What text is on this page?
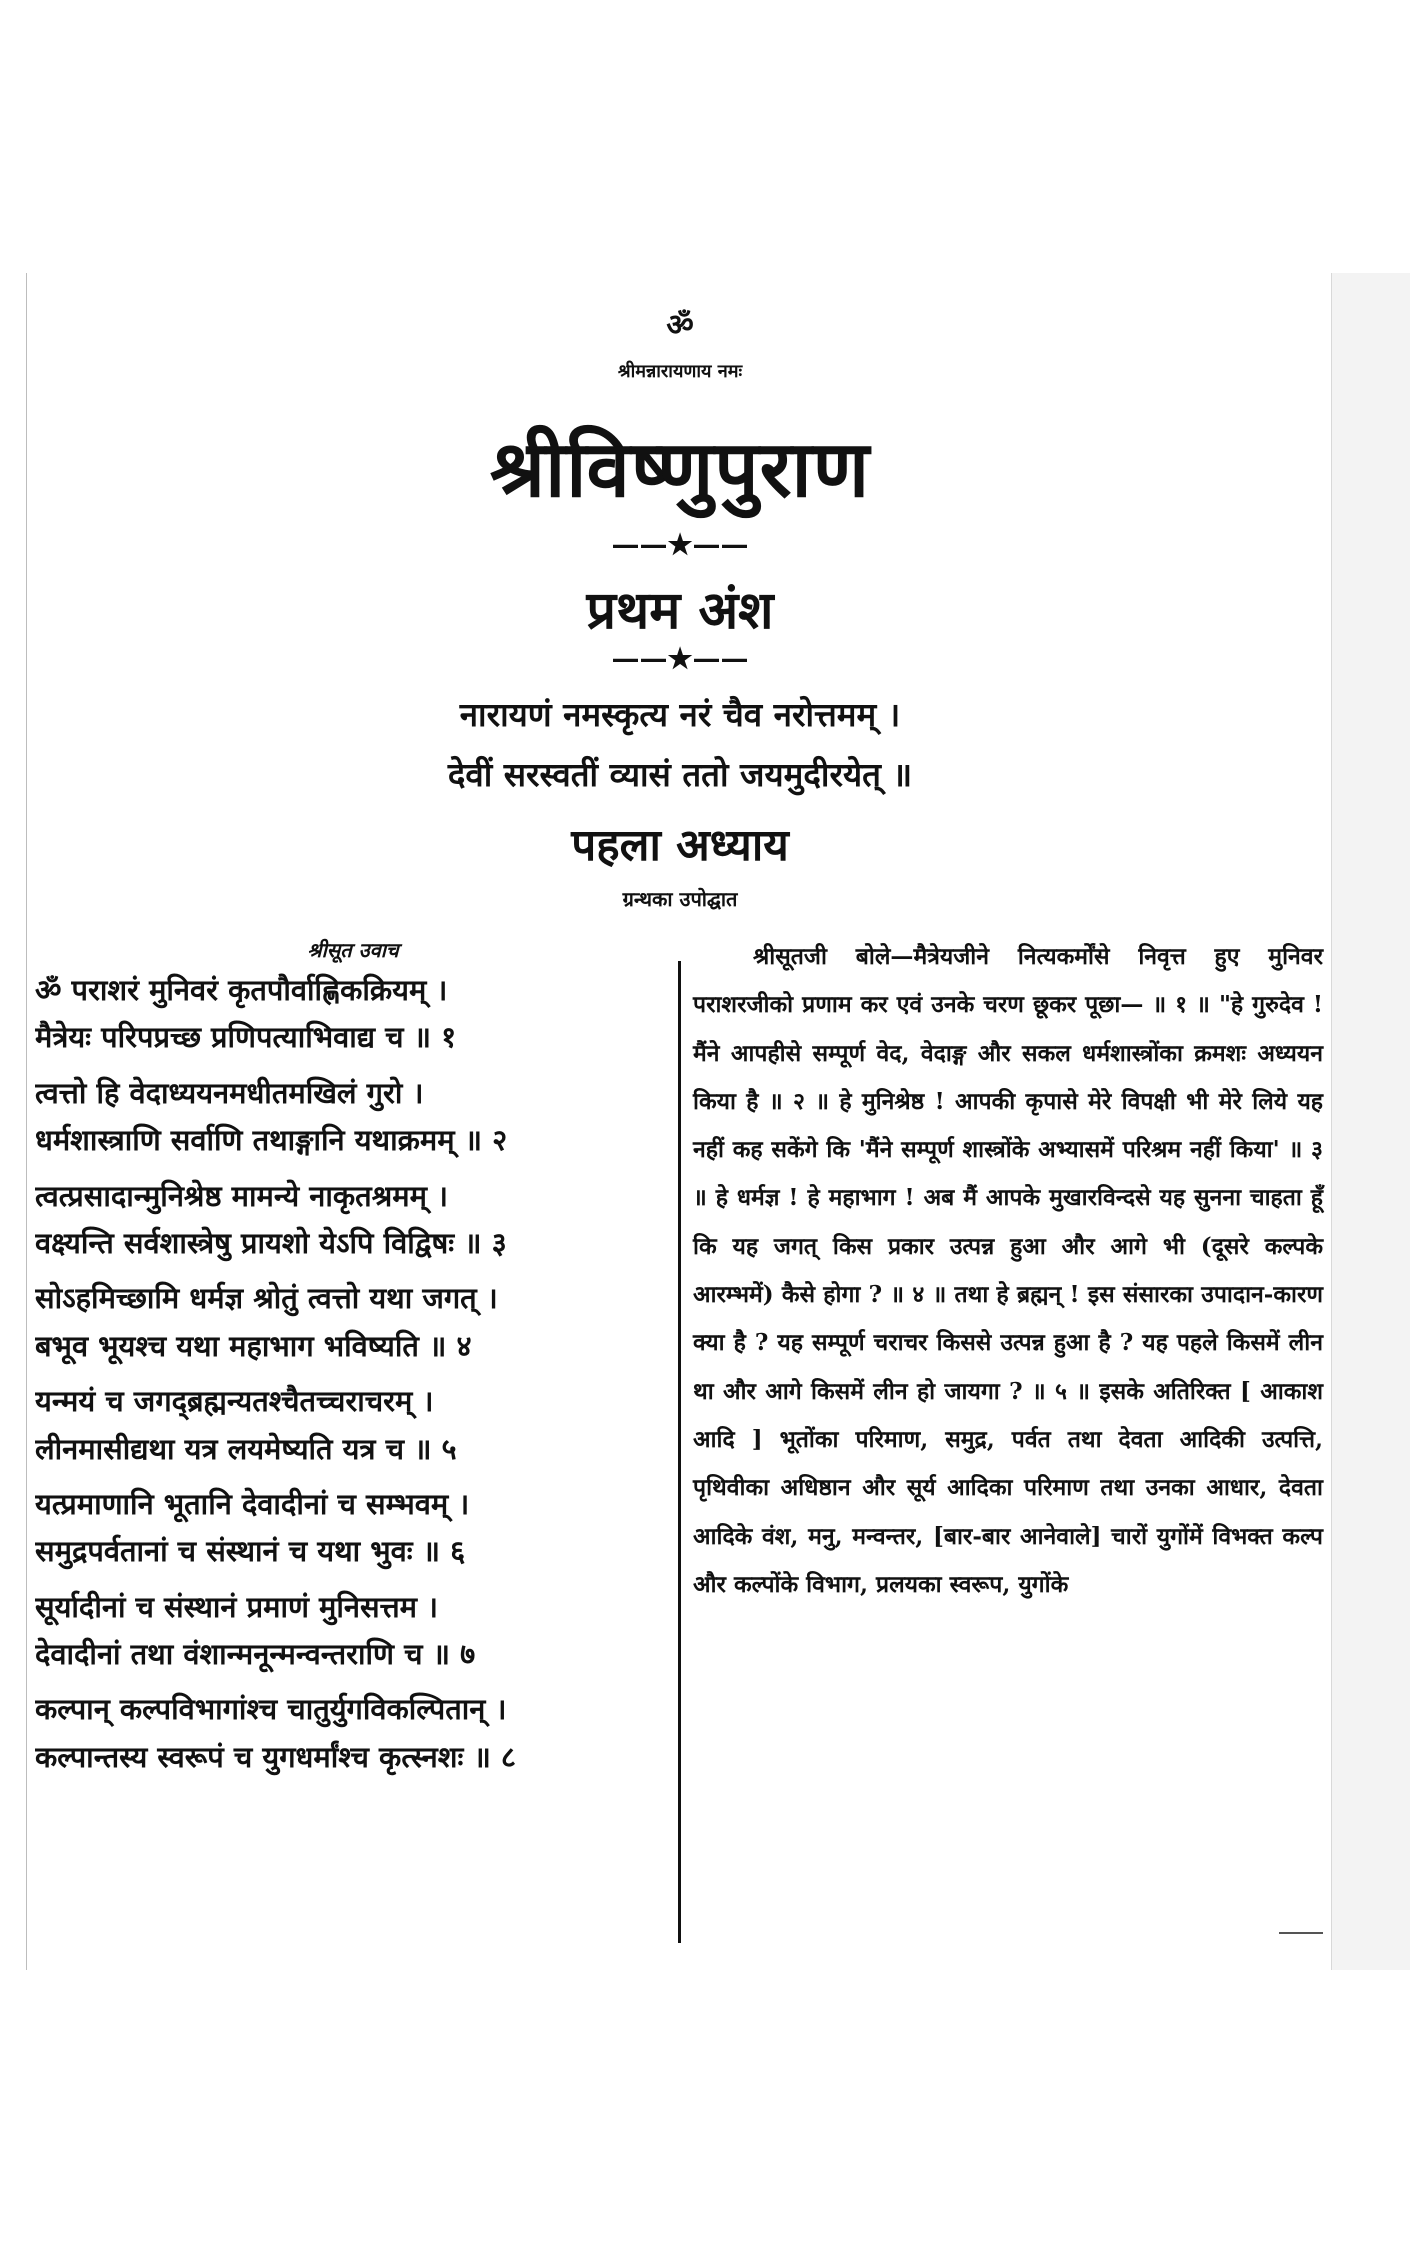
ॐ
श्रीमन्नारायणाय नमः
श्रीविष्णुपुराण
——★——
प्रथम अंश
——★——
नारायणं नमस्कृत्य नरं चैव नरोत्तमम् ।
देवीं सरस्वतीं व्यासं ततो जयमुदीरयेत् ॥
पहला अध्याय
ग्रन्थका उपोद्घात
श्रीसूत उवाच
ॐ पराशरं मुनिवरं कृतपौर्वाह्णिकक्रियम् ।
मैत्रेयः परिपप्रच्छ प्रणिपत्याभिवाद्य च ॥ १
त्वत्तो हि वेदाध्ययनमधीतमखिलं गुरो ।
धर्मशास्त्राणि सर्वाणि तथाङ्गानि यथाक्रमम् ॥ २
त्वत्प्रसादान्मुनिश्रेष्ठ मामन्ये नाकृतश्रमम् ।
वक्ष्यन्ति सर्वशास्त्रेषु प्रायशो येऽपि विद्विषः ॥ ३
सोऽहमिच्छामि धर्मज्ञ श्रोतुं त्वत्तो यथा जगत् ।
बभूव भूयश्च यथा महाभाग भविष्यति ॥ ४
यन्मयं च जगद्ब्रह्मन्यतश्चैतच्चराचरम् ।
लीनमासीद्यथा यत्र लयमेष्यति यत्र च ॥ ५
यत्प्रमाणानि भूतानि देवादीनां च सम्भवम् ।
समुद्रपर्वतानां च संस्थानं च यथा भुवः ॥ ६
सूर्यादीनां च संस्थानं प्रमाणं मुनिसत्तम ।
देवादीनां तथा वंशान्मनून्मन्वन्तराणि च ॥ ७
कल्पान् कल्पविभागांश्च चातुर्युगविकल्पितान् ।
कल्पान्तस्य स्वरूपं च युगधर्मांश्च कृत्स्नशः ॥ ८

श्रीसूतजी बोले—मैत्रेयजीने नित्यकर्मोंसे निवृत्त हुए मुनिवर पराशरजीको प्रणाम कर एवं उनके चरण छूकर पूछा— ॥ १ ॥ "हे गुरुदेव ! मैंने आपहीसे सम्पूर्ण वेद, वेदाङ्ग और सकल धर्मशास्त्रोंका क्रमशः अध्ययन किया है ॥ २ ॥ हे मुनिश्रेष्ठ ! आपकी कृपासे मेरे विपक्षी भी मेरे लिये यह नहीं कह सकेंगे कि 'मैंने सम्पूर्ण शास्त्रोंके अभ्यासमें परिश्रम नहीं किया' ॥ ३ ॥ हे धर्मज्ञ ! हे महाभाग ! अब मैं आपके मुखारविन्दसे यह सुनना चाहता हूँ कि यह जगत् किस प्रकार उत्पन्न हुआ और आगे भी (दूसरे कल्पके आरम्भमें) कैसे होगा ? ॥ ४ ॥ तथा हे ब्रह्मन् ! इस संसारका उपादान-कारण क्या है ? यह सम्पूर्ण चराचर किससे उत्पन्न हुआ है ? यह पहले किसमें लीन था और आगे किसमें लीन हो जायगा ? ॥ ५ ॥ इसके अतिरिक्त [ आकाश आदि ] भूतोंका परिमाण, समुद्र, पर्वत तथा देवता आदिकी उत्पत्ति, पृथिवीका अधिष्ठान और सूर्य आदिका परिमाण तथा उनका आधार, देवता आदिके वंश, मनु, मन्वन्तर, [बार-बार आनेवाले] चारों युगोंमें विभक्त कल्प और कल्पोंके विभाग, प्रलयका स्वरूप, युगोंके
